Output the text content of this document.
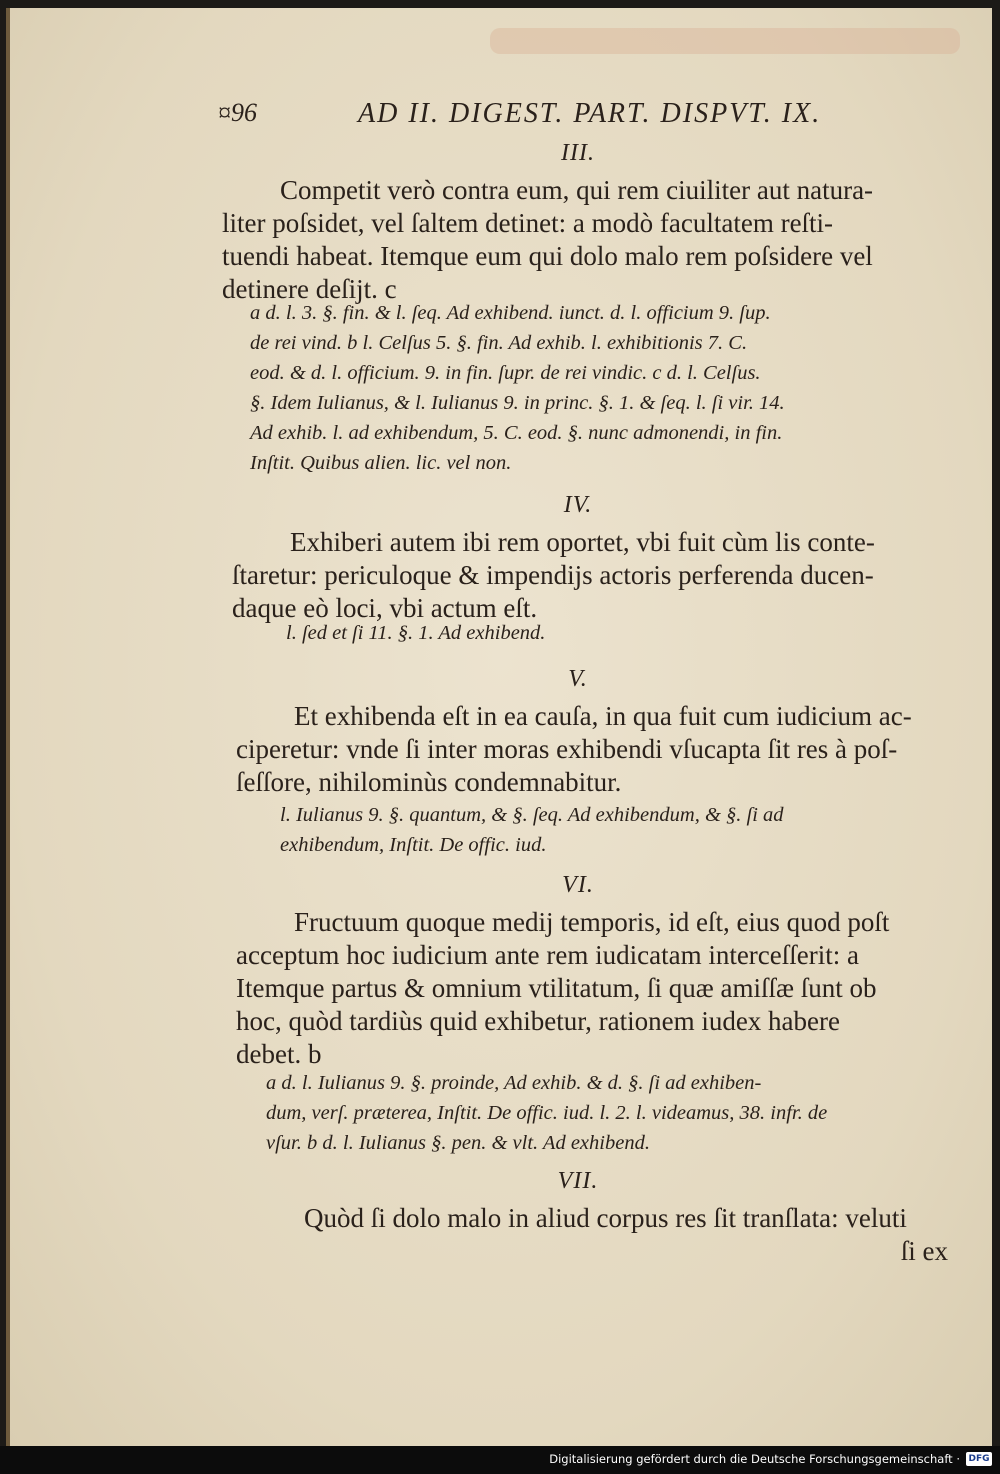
¤96	AD II. DIGEST. PART. DISPVT. IX.
III.
Competit verò contra eum, qui rem ciuiliter aut natura-
liter poſsidet, vel ſaltem detinet: a modò facultatem reſti-
tuendi habeat. Itemque eum qui dolo malo rem poſsidere vel
detinere deſijt. c
a d. l. 3. §. fin. & l. ſeq. Ad exhibend. iunct. d. l. officium 9. ſup.
de rei vind. b l. Celſus 5. §. fin. Ad exhib. l. exhibitionis 7. C.
eod. & d. l. officium. 9. in fin. ſupr. de rei vindic. c d. l. Celſus.
§. Idem Iulianus, & l. Iulianus 9. in princ. §. 1. & ſeq. l. ſi vir. 14.
Ad exhib. l. ad exhibendum, 5. C. eod. §. nunc admonendi, in fin.
Inſtit. Quibus alien. lic. vel non.
IV.
Exhiberi autem ibi rem oportet, vbi fuit cùm lis conte-
ſtaretur: periculoque & impendijs actoris perferenda ducen-
daque eò loci, vbi actum eſt.
l. ſed et ſi 11. §. 1. Ad exhibend.
V.
Et exhibenda eſt in ea cauſa, in qua fuit cum iudicium ac-
ciperetur: vnde ſi inter moras exhibendi vſucapta ſit res à poſ-
ſeſſore, nihilominùs condemnabitur.
l. Iulianus 9. §. quantum, & §. ſeq. Ad exhibendum, & §. ſi ad
exhibendum, Inſtit. De offic. iud.
VI.
Fructuum quoque medij temporis, id eſt, eius quod poſt
acceptum hoc iudicium ante rem iudicatam interceſſerit: a
Itemque partus & omnium vtilitatum, ſi quæ amiſſæ ſunt ob
hoc, quòd tardiùs quid exhibetur, rationem iudex habere
debet. b
a d. l. Iulianus 9. §. proinde, Ad exhib. & d. §. ſi ad exhiben-
dum, verſ. præterea, Inſtit. De offic. iud. l. 2. l. videamus, 38. infr. de
vſur. b d. l. Iulianus §. pen. & vlt. Ad exhibend.
VII.
Quòd ſi dolo malo in aliud corpus res ſit tranſlata: veluti
ſi ex
Digitalisierung gefördert durch die Deutsche Forschungsgemeinschaft · DFG
